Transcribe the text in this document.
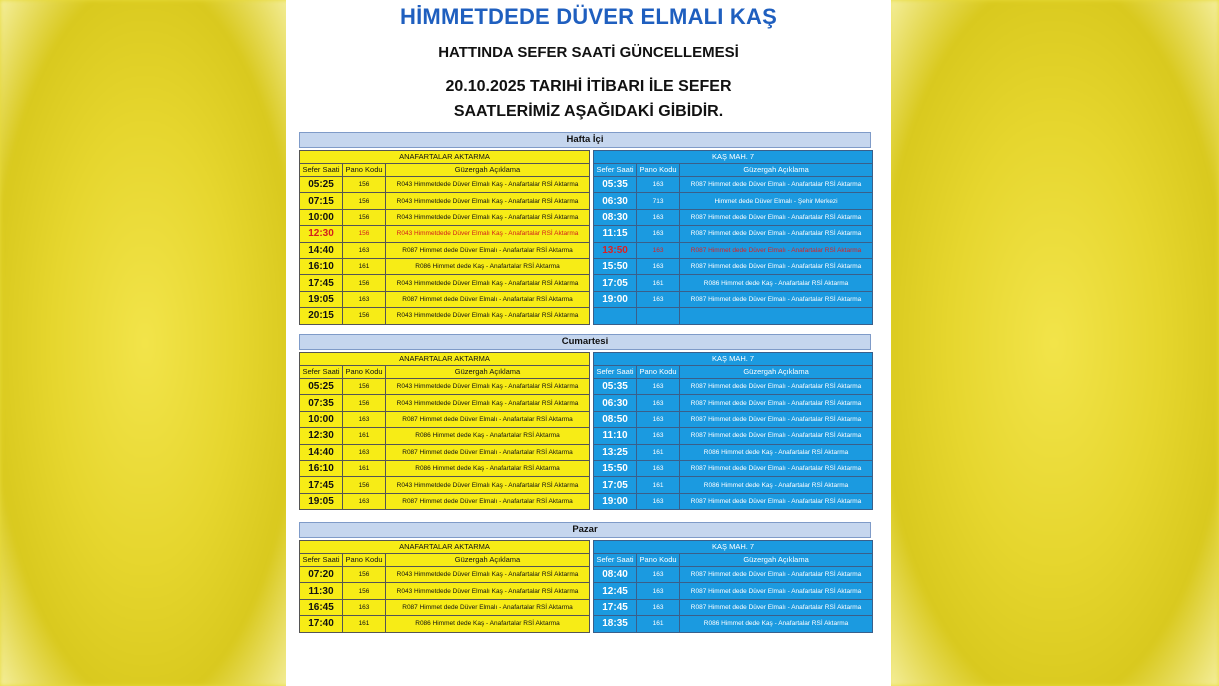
HİMMETDEDE DÜVER ELMALI KAŞ
HATTINDA SEFER SAATİ GÜNCELLEMESİ
20.10.2025 TARIHİ İTİBARI İLE SEFER
SAATLERİMİZ AŞAĞIDAKİ GİBİDİR.
Hafta İçi
ANAFARTALAR AKTARMA		
Sefer Saati	Pano Kodu	Güzergah Açıklama
05:25	156	R043 Himmetdede Düver Elmalı Kaş - Anafartalar RSİ Aktarma
07:15	156	R043 Himmetdede Düver Elmalı Kaş - Anafartalar RSİ Aktarma
10:00	156	R043 Himmetdede Düver Elmalı Kaş - Anafartalar RSİ Aktarma
12:30	156	R043 Himmetdede Düver Elmalı Kaş - Anafartalar RSİ Aktarma
14:40	163	R087 Himmet dede Düver Elmalı - Anafartalar RSİ Aktarma
16:10	161	R086 Himmet dede Kaş - Anafartalar RSİ Aktarma
17:45	156	R043 Himmetdede Düver Elmalı Kaş - Anafartalar RSİ Aktarma
19:05	163	R087 Himmet dede Düver Elmalı - Anafartalar RSİ Aktarma
20:15	156	R043 Himmetdede Düver Elmalı Kaş - Anafartalar RSİ Aktarma
KAŞ MAH. 7		
Sefer Saati	Pano Kodu	Güzergah Açıklama
05:35	163	R087 Himmet dede Düver Elmalı - Anafartalar RSİ Aktarma
06:30	713	Himmet dede Düver Elmalı - Şehir Merkezi
08:30	163	R087 Himmet dede Düver Elmalı - Anafartalar RSİ Aktarma
11:15	163	R087 Himmet dede Düver Elmalı - Anafartalar RSİ Aktarma
13:50	163	R087 Himmet dede Düver Elmalı - Anafartalar RSİ Aktarma
15:50	163	R087 Himmet dede Düver Elmalı - Anafartalar RSİ Aktarma
17:05	161	R086 Himmet dede Kaş - Anafartalar RSİ Aktarma
19:00	163	R087 Himmet dede Düver Elmalı - Anafartalar RSİ Aktarma

Cumartesi
ANAFARTALAR AKTARMA		
Sefer Saati	Pano Kodu	Güzergah Açıklama
05:25	156	R043 Himmetdede Düver Elmalı Kaş - Anafartalar RSİ Aktarma
07:35	156	R043 Himmetdede Düver Elmalı Kaş - Anafartalar RSİ Aktarma
10:00	163	R087 Himmet dede Düver Elmalı - Anafartalar RSİ Aktarma
12:30	161	R086 Himmet dede Kaş - Anafartalar RSİ Aktarma
14:40	163	R087 Himmet dede Düver Elmalı - Anafartalar RSİ Aktarma
16:10	161	R086 Himmet dede Kaş - Anafartalar RSİ Aktarma
17:45	156	R043 Himmetdede Düver Elmalı Kaş - Anafartalar RSİ Aktarma
19:05	163	R087 Himmet dede Düver Elmalı - Anafartalar RSİ Aktarma
KAŞ MAH. 7		
Sefer Saati	Pano Kodu	Güzergah Açıklama
05:35	163	R087 Himmet dede Düver Elmalı - Anafartalar RSİ Aktarma
06:30	163	R087 Himmet dede Düver Elmalı - Anafartalar RSİ Aktarma
08:50	163	R087 Himmet dede Düver Elmalı - Anafartalar RSİ Aktarma
11:10	163	R087 Himmet dede Düver Elmalı - Anafartalar RSİ Aktarma
13:25	161	R086 Himmet dede Kaş - Anafartalar RSİ Aktarma
15:50	163	R087 Himmet dede Düver Elmalı - Anafartalar RSİ Aktarma
17:05	161	R086 Himmet dede Kaş - Anafartalar RSİ Aktarma
19:00	163	R087 Himmet dede Düver Elmalı - Anafartalar RSİ Aktarma
Pazar
ANAFARTALAR AKTARMA		
Sefer Saati	Pano Kodu	Güzergah Açıklama
07:20	156	R043 Himmetdede Düver Elmalı Kaş - Anafartalar RSİ Aktarma
11:30	156	R043 Himmetdede Düver Elmalı Kaş - Anafartalar RSİ Aktarma
16:45	163	R087 Himmet dede Düver Elmalı - Anafartalar RSİ Aktarma
17:40	161	R086 Himmet dede Kaş - Anafartalar RSİ Aktarma
KAŞ MAH. 7		
Sefer Saati	Pano Kodu	Güzergah Açıklama
08:40	163	R087 Himmet dede Düver Elmalı - Anafartalar RSİ Aktarma
12:45	163	R087 Himmet dede Düver Elmalı - Anafartalar RSİ Aktarma
17:45	163	R087 Himmet dede Düver Elmalı - Anafartalar RSİ Aktarma
18:35	161	R086 Himmet dede Kaş - Anafartalar RSİ Aktarma
